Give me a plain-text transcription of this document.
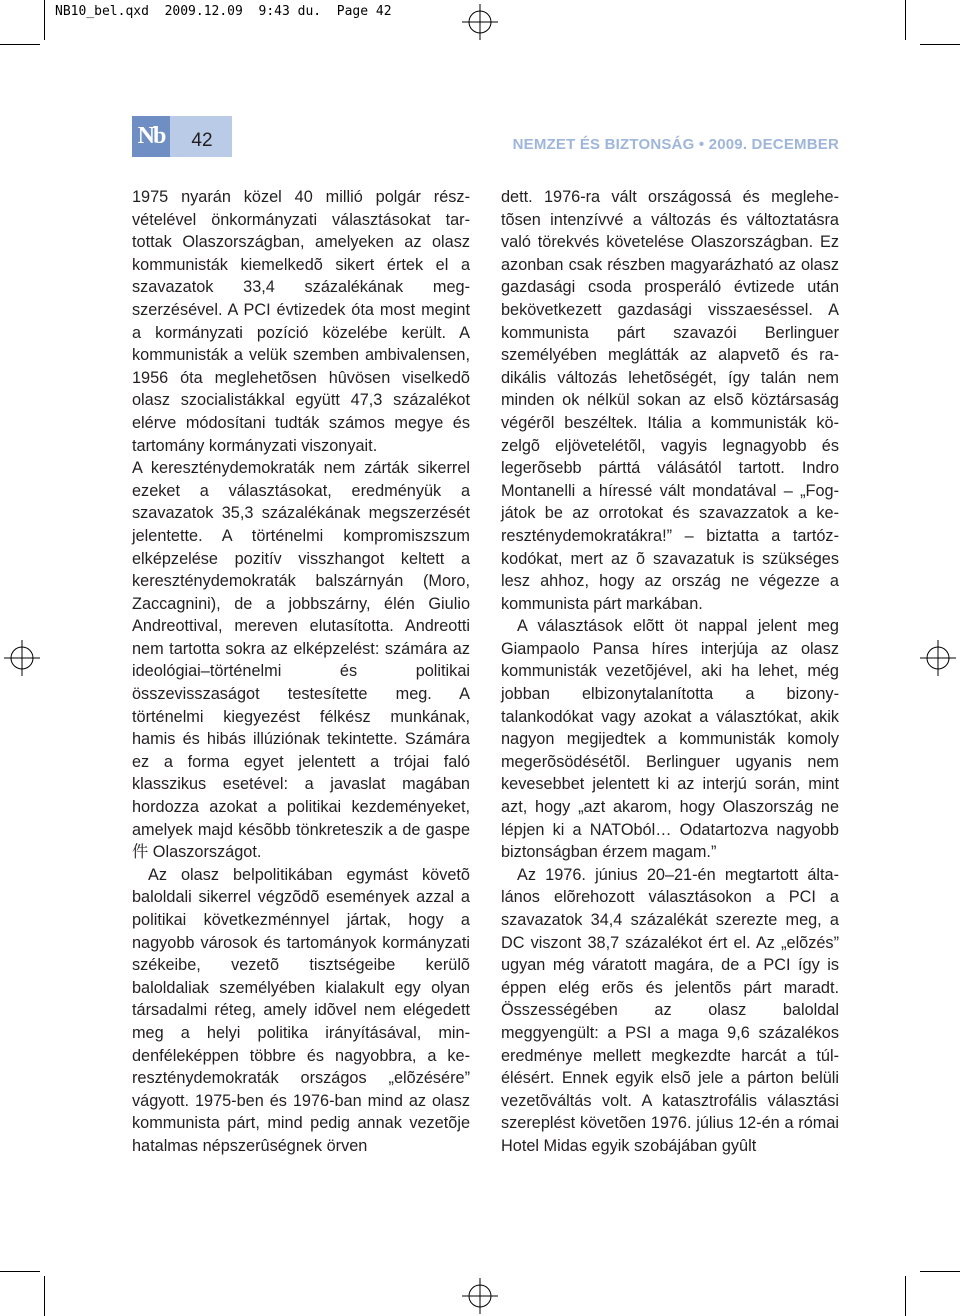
NB10_bel.qxd  2009.12.09  9:43 du.  Page 42
Nb	42	NEMZET ÉS BIZTONSÁG • 2009. DECEMBER

1975 nyarán közel 40 millió polgár részvételével önkormányzati választásokat tartottak Olaszországban, amelyeken az olasz kommunisták kiemelkedõ sikert értek el a szavazatok 33,4 százalékának megszerzésével. A PCI évtizedek óta most megint a kormányzati pozíció közelébe került. A kommunisták a velük szemben ambivalensen, 1956 óta meglehetõsen hûvösen viselkedõ olasz szocialistákkal együtt 47,3 százalékot elérve módosítani tudták számos megye és tartomány kormányzati viszonyait.

A kereszténydemokraták nem zárták sikerrel ezeket a választásokat, eredményük a szavazatok 35,3 százalékának megszerzését jelentette. A történelmi kompromiszszum elképzelése pozitív visszhangot keltett a kereszténydemokraták balszárnyán (Moro, Zaccagnini), de a jobbszárny, élén Giulio Andreottival, mereven elutasította. Andreotti nem tartotta sokra az elképzelést: számára az ideológiai–történelmi és politikai összevisszaságot testesítette meg. A történelmi kiegyezést félkész munkának, hamis és hibás illúziónak tekintette. Számára ez a forma egyet jelentett a trójai faló klasszikus esetével: a javaslat magában hordozza azokat a politikai kezdeményeket, amelyek majd késõbb tönkreteszik a de gaspe件 Olaszországot.

Az olasz belpolitikában egymást követõ baloldali sikerrel végzõdõ események azzal a politikai következménnyel jártak, hogy a nagyobb városok és tartományok kormányzati székeibe, vezetõ tisztségeibe kerülõ baloldaliak személyében kialakult egy olyan társadalmi réteg, amely idõvel nem elégedett meg a helyi politika irányításával, mindenféleképpen többre és nagyobbra, a kereszténydemokraták országos „elõzésére” vágyott. 1975-ben és 1976-ban mind az olasz kommunista párt, mind pedig annak vezetõje hatalmas népszerûségnek örven

dett. 1976-ra vált országossá és meglehetõsen intenzívvé a változás és változtatásra való törekvés követelése Olaszországban. Ez azonban csak részben magyarázható az olasz gazdasági csoda prosperáló évtizede után bekövetkezett gazdasági visszaeséssel. A kommunista párt szavazói Berlinguer személyében meglátták az alapvetõ és radikális változás lehetõségét, így talán nem minden ok nélkül sokan az elsõ köztársaság végérõl beszéltek. Itália a kommunisták közelgõ eljövetelétõl, vagyis legnagyobb és legerõsebb párttá válásától tartott. Indro Montanelli a híressé vált mondatával – „Fogjátok be az orrotokat és szavazzatok a kereszténydemokratákra!” – biztatta a tartózkodókat, mert az õ szavazatuk is szükséges lesz ahhoz, hogy az ország ne végezze a kommunista párt markában.

A választások elõtt öt nappal jelent meg Giampaolo Pansa híres interjúja az olasz kommunisták vezetõjével, aki ha lehet, még jobban elbizonytalanította a bizonytalankodókat vagy azokat a választókat, akik nagyon megijedtek a kommunisták komoly megerõsödésétõl. Berlinguer ugyanis nem kevesebbet jelentett ki az interjú során, mint azt, hogy „azt akarom, hogy Olaszország ne lépjen ki a NATOból… Odatartozva nagyobb biztonságban érzem magam.”

Az 1976. június 20–21-én megtartott általános elõrehozott választásokon a PCI a szavazatok 34,4 százalékát szerezte meg, a DC viszont 38,7 százalékot ért el. Az „elõzés” ugyan még váratott magára, de a PCI így is éppen elég erõs és jelentõs párt maradt. Összességében az olasz baloldal meggyengült: a PSI a maga 9,6 százalékos eredménye mellett megkezdte harcát a túlélésért. Ennek egyik elsõ jele a párton belüli vezetõváltás volt. A katasztrofális választási szereplést követõen 1976. július 12-én a római Hotel Midas egyik szobájában gyûlt
